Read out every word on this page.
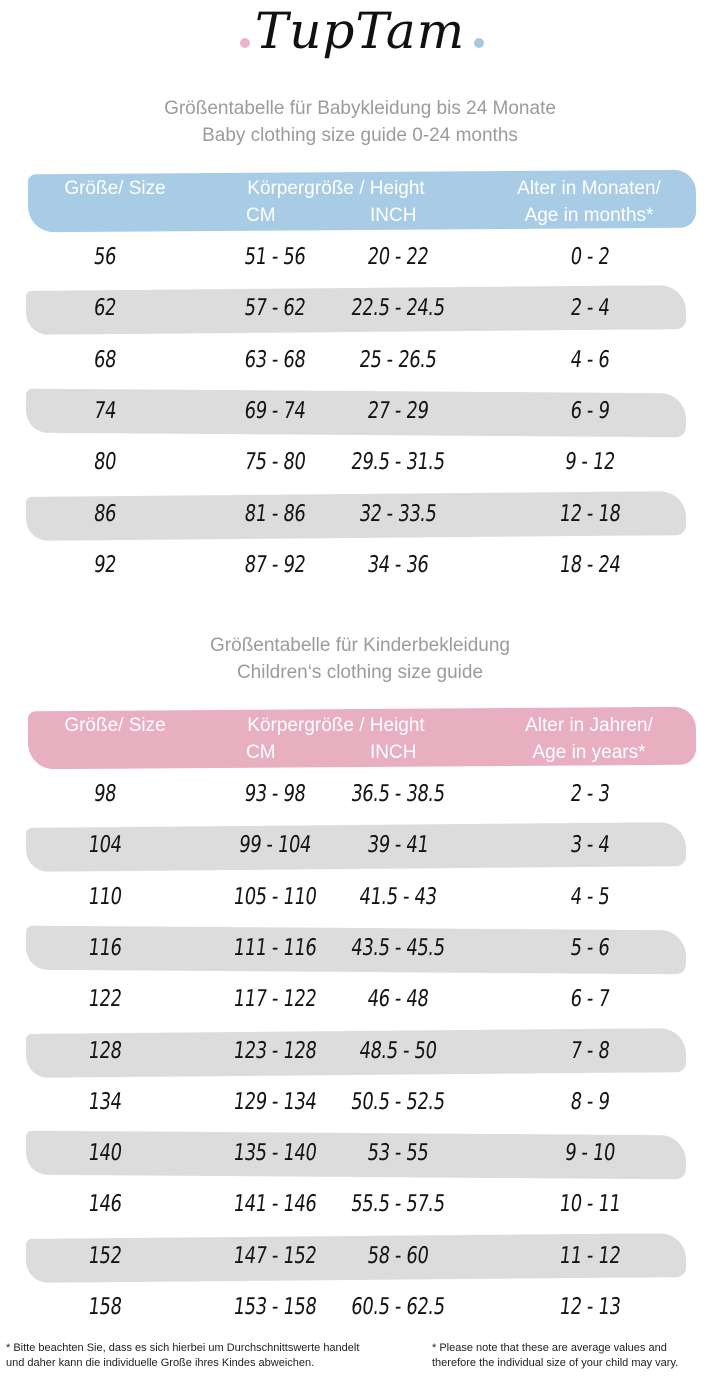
TupTam
Größentabelle für Babykleidung bis 24 Monate
Baby clothing size guide 0-24 months
Größe/ Size	Körpergröße / Height
CM	INCH
Alter in Monaten/
Age in months*
56	51 - 56	20 - 22	0 - 2
62	57 - 62	22.5 - 24.5	2 - 4
68	63 - 68	25 - 26.5	4 - 6
74	69 - 74	27 - 29	6 - 9
80	75 - 80	29.5 - 31.5	9 - 12
86	81 - 86	32 - 33.5	12 - 18
92	87 - 92	34 - 36	18 - 24
Größentabelle für Kinderbekleidung
Children‘s clothing size guide
Größe/ Size	Körpergröße / Height
CM	INCH
Alter in Jahren/
Age in years*
98	93 - 98	36.5 - 38.5	2 - 3
104	99 - 104	39 - 41	3 - 4
110	105 - 110	41.5 - 43	4 - 5
116	111 - 116	43.5 - 45.5	5 - 6
122	117 - 122	46 - 48	6 - 7
128	123 - 128	48.5 - 50	7 - 8
134	129 - 134	50.5 - 52.5	8 - 9
140	135 - 140	53 - 55	9 - 10
146	141 - 146	55.5 - 57.5	10 - 11
152	147 - 152	58 - 60	11 - 12
158	153 - 158	60.5 - 62.5	12 - 13
* Bitte beachten Sie, dass es sich hierbei um Durchschnittswerte handelt
und daher kann die individuelle Große ihres Kindes abweichen.
* Please note that these are average values and
therefore the individual size of your child may vary.
